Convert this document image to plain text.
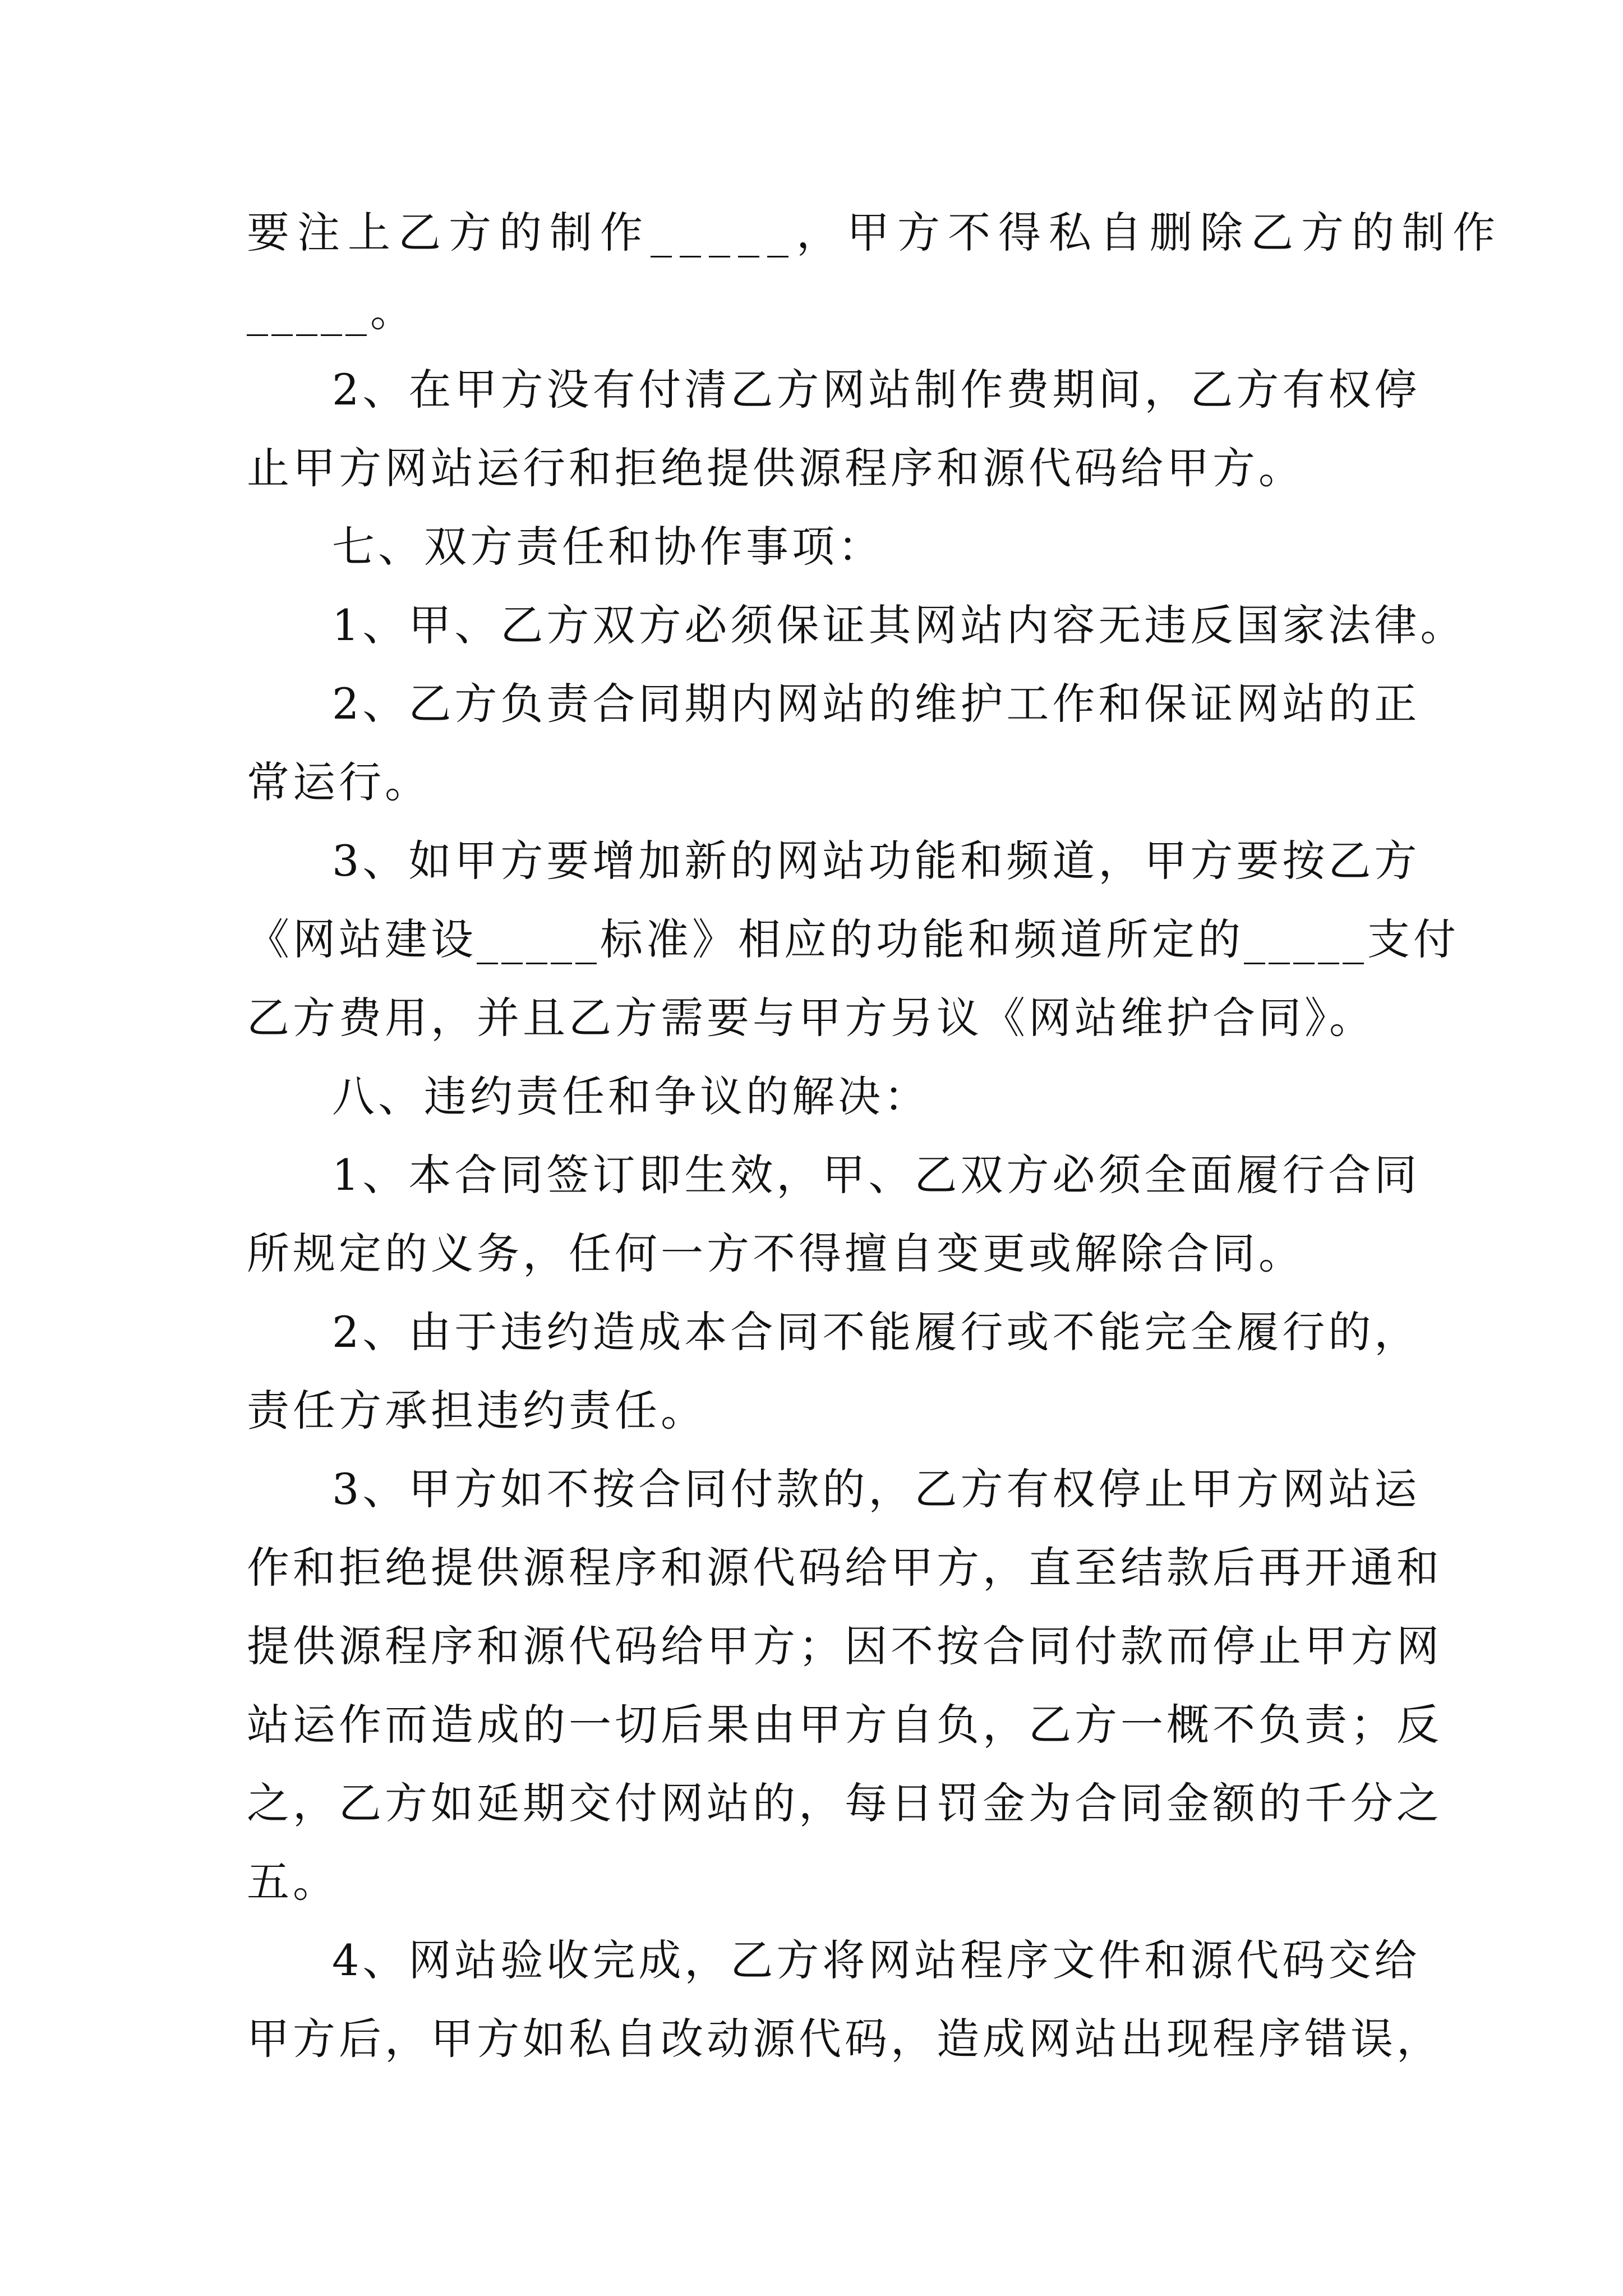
要注上乙方的制作_____，甲方不得私自删除乙方的制作
_____。
2、在甲方没有付清乙方网站制作费期间，乙方有权停
止甲方网站运行和拒绝提供源程序和源代码给甲方。
七、双方责任和协作事项：
1、甲、乙方双方必须保证其网站内容无违反国家法律。
2、乙方负责合同期内网站的维护工作和保证网站的正
常运行。
3、如甲方要增加新的网站功能和频道，甲方要按乙方
《网站建设_____标准》相应的功能和频道所定的_____支付
乙方费用，并且乙方需要与甲方另议《网站维护合同》。
八、违约责任和争议的解决：
1、本合同签订即生效，甲、乙双方必须全面履行合同
所规定的义务，任何一方不得擅自变更或解除合同。
2、由于违约造成本合同不能履行或不能完全履行的，
责任方承担违约责任。
3、甲方如不按合同付款的，乙方有权停止甲方网站运
作和拒绝提供源程序和源代码给甲方，直至结款后再开通和
提供源程序和源代码给甲方；因不按合同付款而停止甲方网
站运作而造成的一切后果由甲方自负，乙方一概不负责；反
之，乙方如延期交付网站的，每日罚金为合同金额的千分之
五。
4、网站验收完成，乙方将网站程序文件和源代码交给
甲方后，甲方如私自改动源代码，造成网站出现程序错误，
